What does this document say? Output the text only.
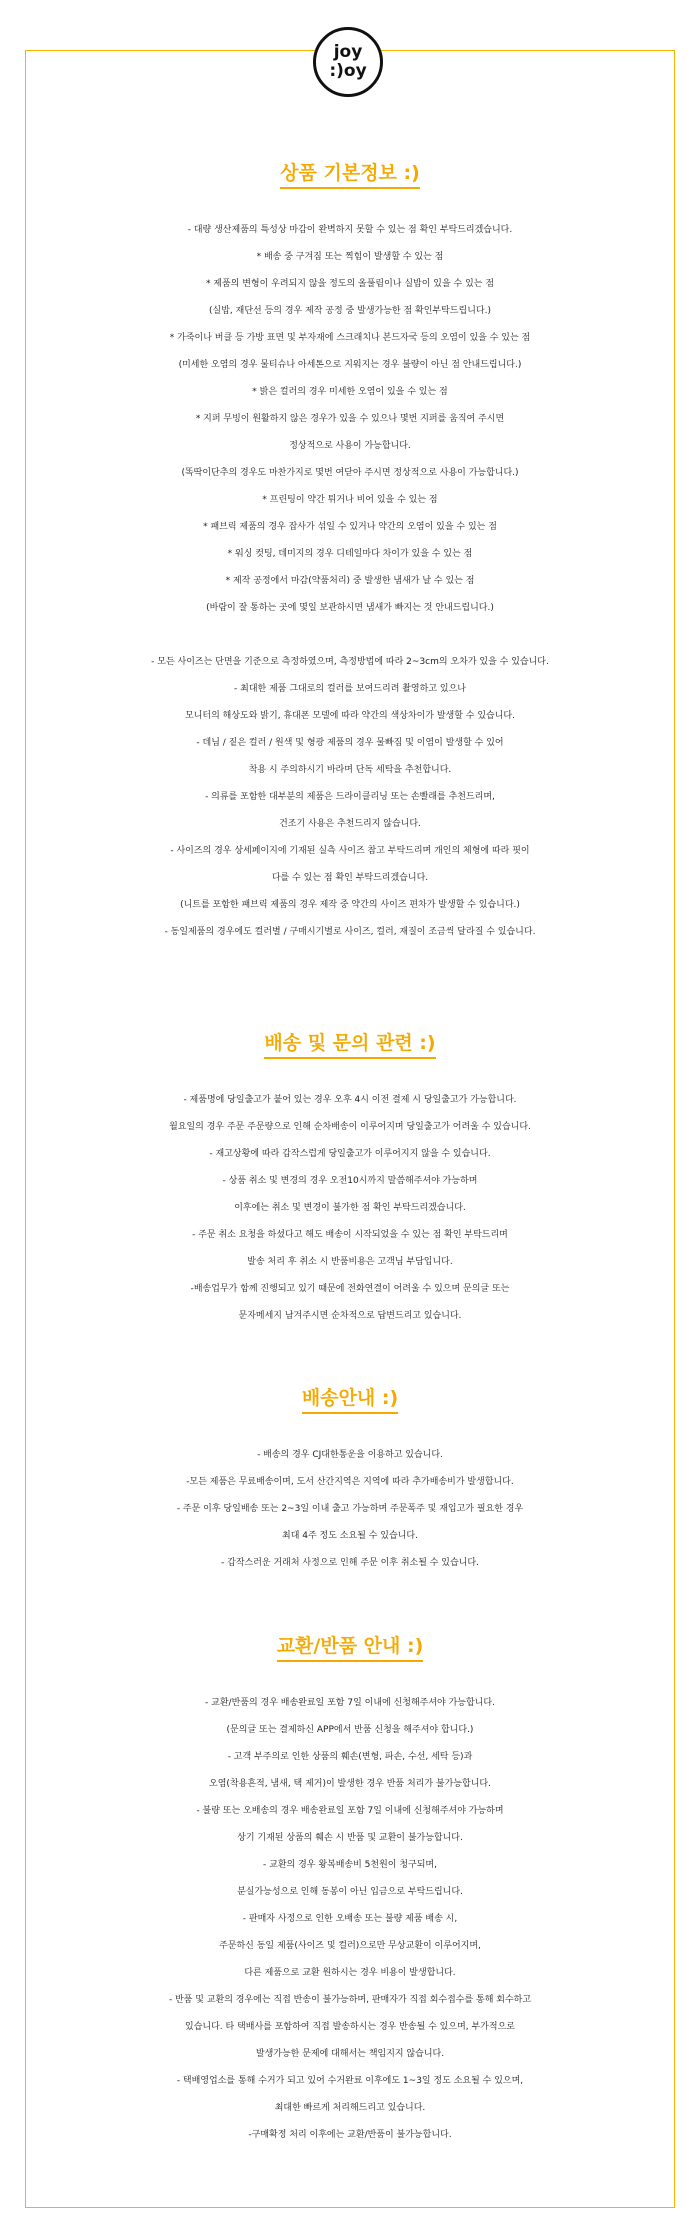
joy
:)oy
상품 기본정보 :)
- 대량 생산제품의 특성상 마감이 완벽하지 못할 수 있는 점 확인 부탁드리겠습니다.
* 배송 중 구겨짐 또는 찍힘이 발생할 수 있는 점
* 제품의 변형이 우려되지 않을 정도의 올풀림이나 실밥이 있을 수 있는 점
(실밥, 재단선 등의 경우 제작 공정 중 발생가능한 점 확인부탁드립니다.)
* 가죽이나 버클 등 가방 표면 및 부자재에 스크래치나 본드자국 등의 오염이 있을 수 있는 점
(미세한 오염의 경우 물티슈나 아세톤으로 지워지는 경우 불량이 아닌 점 안내드립니다.)
* 밝은 컬러의 경우 미세한 오염이 있을 수 있는 점
* 지퍼 무빙이 원활하지 않은 경우가 있을 수 있으나 몇번 지퍼를 움직여 주시면
정상적으로 사용이 가능합니다.
(똑딱이단추의 경우도 마찬가지로 몇번 여닫아 주시면 정상적으로 사용이 가능합니다.)
* 프린팅이 약간 튀거나 비어 있을 수 있는 점
* 패브릭 제품의 경우 잡사가 섞일 수 있거나 약간의 오염이 있을 수 있는 점
* 워싱 컷팅, 데미지의 경우 디테일마다 차이가 있을 수 있는 점
* 제작 공정에서 마감(약품처리) 중 발생한 냄새가 날 수 있는 점
(바람이 잘 통하는 곳에 몇일 보관하시면 냄새가 빠지는 것 안내드립니다.)
- 모든 사이즈는 단면을 기준으로 측정하였으며, 측정방법에 따라 2~3cm의 오차가 있을 수 있습니다.
- 최대한 제품 그대로의 컬러를 보여드리려 촬영하고 있으나
모니터의 해상도와 밝기, 휴대폰 모델에 따라 약간의 색상차이가 발생할 수 있습니다.
- 데님 / 짙은 컬러 / 원색 및 형광 제품의 경우 물빠짐 및 이염이 발생할 수 있어
착용 시 주의하시기 바라며 단독 세탁을 추천합니다.
- 의류를 포함한 대부분의 제품은 드라이클리닝 또는 손빨래를 추천드리며,
건조기 사용은 추천드리지 않습니다.
- 사이즈의 경우 상세페이지에 기재된 실측 사이즈 참고 부탁드리며 개인의 체형에 따라 핏이
다를 수 있는 점 확인 부탁드리겠습니다.
(니트를 포함한 패브릭 제품의 경우 제작 중 약간의 사이즈 편차가 발생할 수 있습니다.)
- 동일제품의 경우에도 컬러별 / 구매시기별로 사이즈, 컬러, 재질이 조금씩 달라질 수 있습니다.
배송 및 문의 관련 :)
- 제품명에 당일출고가 붙어 있는 경우 오후 4시 이전 결제 시 당일출고가 가능합니다.
월요일의 경우 주문 주문량으로 인해 순차배송이 이루어지며 당일출고가 어려울 수 있습니다.
- 재고상황에 따라 갑작스럽게 당일출고가 이루어지지 않을 수 있습니다.
- 상품 취소 및 변경의 경우 오전10시까지 말씀해주셔야 가능하며
이후에는 취소 및 변경이 불가한 점 확인 부탁드리겠습니다.
- 주문 취소 요청을 하셨다고 해도 배송이 시작되었을 수 있는 점 확인 부탁드리며
발송 처리 후 취소 시 반품비용은 고객님 부담입니다.
-배송업무가 함께 진행되고 있기 때문에 전화연결이 어려울 수 있으며 문의글 또는
문자메세지 남겨주시면 순차적으로 답변드리고 있습니다.
배송안내 :)
- 배송의 경우 CJ대한통운을 이용하고 있습니다.
-모든 제품은 무료배송이며, 도서 산간지역은 지역에 따라 추가배송비가 발생합니다.
- 주문 이후 당일배송 또는 2~3일 이내 출고 가능하며 주문폭주 및 재입고가 필요한 경우
최대 4주 정도 소요될 수 있습니다.
- 갑작스러운 거래처 사정으로 인해 주문 이후 취소될 수 있습니다.
교환/반품 안내 :)
- 교환/반품의 경우 배송완료일 포함 7일 이내에 신청해주셔야 가능합니다.
(문의글 또는 결제하신 APP에서 반품 신청을 해주셔야 합니다.)
- 고객 부주의로 인한 상품의 훼손(변형, 파손, 수선, 세탁 등)과
오염(착용흔적, 냄새, 택 제거)이 발생한 경우 반품 처리가 불가능합니다.
- 불량 또는 오배송의 경우 배송완료일 포함 7일 이내에 신청해주셔야 가능하며
상기 기재된 상품의 훼손 시 반품 및 교환이 불가능합니다.
- 교환의 경우 왕복배송비 5천원이 청구되며,
분실가능성으로 인해 동봉이 아닌 입금으로 부탁드립니다.
- 판매자 사정으로 인한 오배송 또는 불량 제품 배송 시,
주문하신 동일 제품(사이즈 및 컬러)으로만 무상교환이 이루어지며,
다른 제품으로 교환 원하시는 경우 비용이 발생합니다.
- 반품 및 교환의 경우에는 직접 반송이 불가능하며, 판매자가 직접 회수접수를 통해 회수하고
있습니다. 타 택배사를 포함하여 직접 발송하시는 경우 반송될 수 있으며, 부가적으로
발생가능한 문제에 대해서는 책임지지 않습니다.
- 택배영업소를 통해 수거가 되고 있어 수거완료 이후에도 1~3일 정도 소요될 수 있으며,
최대한 빠르게 처리해드리고 있습니다.
-구매확정 처리 이후에는 교환/반품이 불가능합니다.
